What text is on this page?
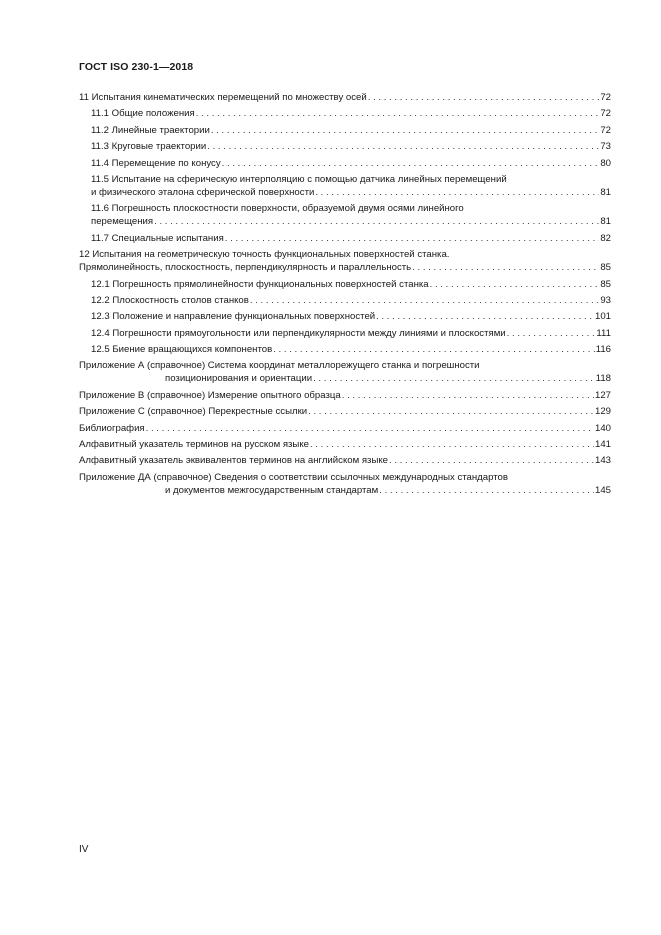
ГОСТ ISO 230-1—2018
11 Испытания кинематических перемещений по множеству осей . . .	72
11.1 Общие положения . . .	72
11.2 Линейные траектории . . .	72
11.3 Круговые траектории . . .	73
11.4 Перемещение по конусу . . .	80
11.5 Испытание на сферическую интерполяцию с помощью датчика линейных перемещений
и физического эталона сферической поверхности . . .	81
11.6 Погрешность плоскостности поверхности, образуемой двумя осями линейного
перемещения . . .	81
11.7 Специальные испытания . . .	82
12 Испытания на геометрическую точность функциональных поверхностей станка.
Прямолинейность, плоскостность, перпендикулярность и параллельность . . .	85
12.1 Погрешность прямолинейности функциональных поверхностей станка . . .	85
12.2 Плоскостность столов станков . . .	93
12.3 Положение и направление функциональных поверхностей . . .	101
12.4 Погрешности прямоугольности или перпендикулярности между линиями и плоскостями . . .	111
12.5 Биение вращающихся компонентов . . .	116
Приложение А (справочное) Система координат металлорежущего станка и погрешности
позиционирования и ориентации . . .	118
Приложение В (справочное) Измерение опытного образца . . .	127
Приложение С (справочное) Перекрестные ссылки . . .	129
Библиография . . .	140
Алфавитный указатель терминов на русском языке . . .	141
Алфавитный указатель эквивалентов терминов на английском языке . . .	143
Приложение ДА (справочное) Сведения о соответствии ссылочных международных стандартов
и документов межгосударственным стандартам . . .	145
IV
